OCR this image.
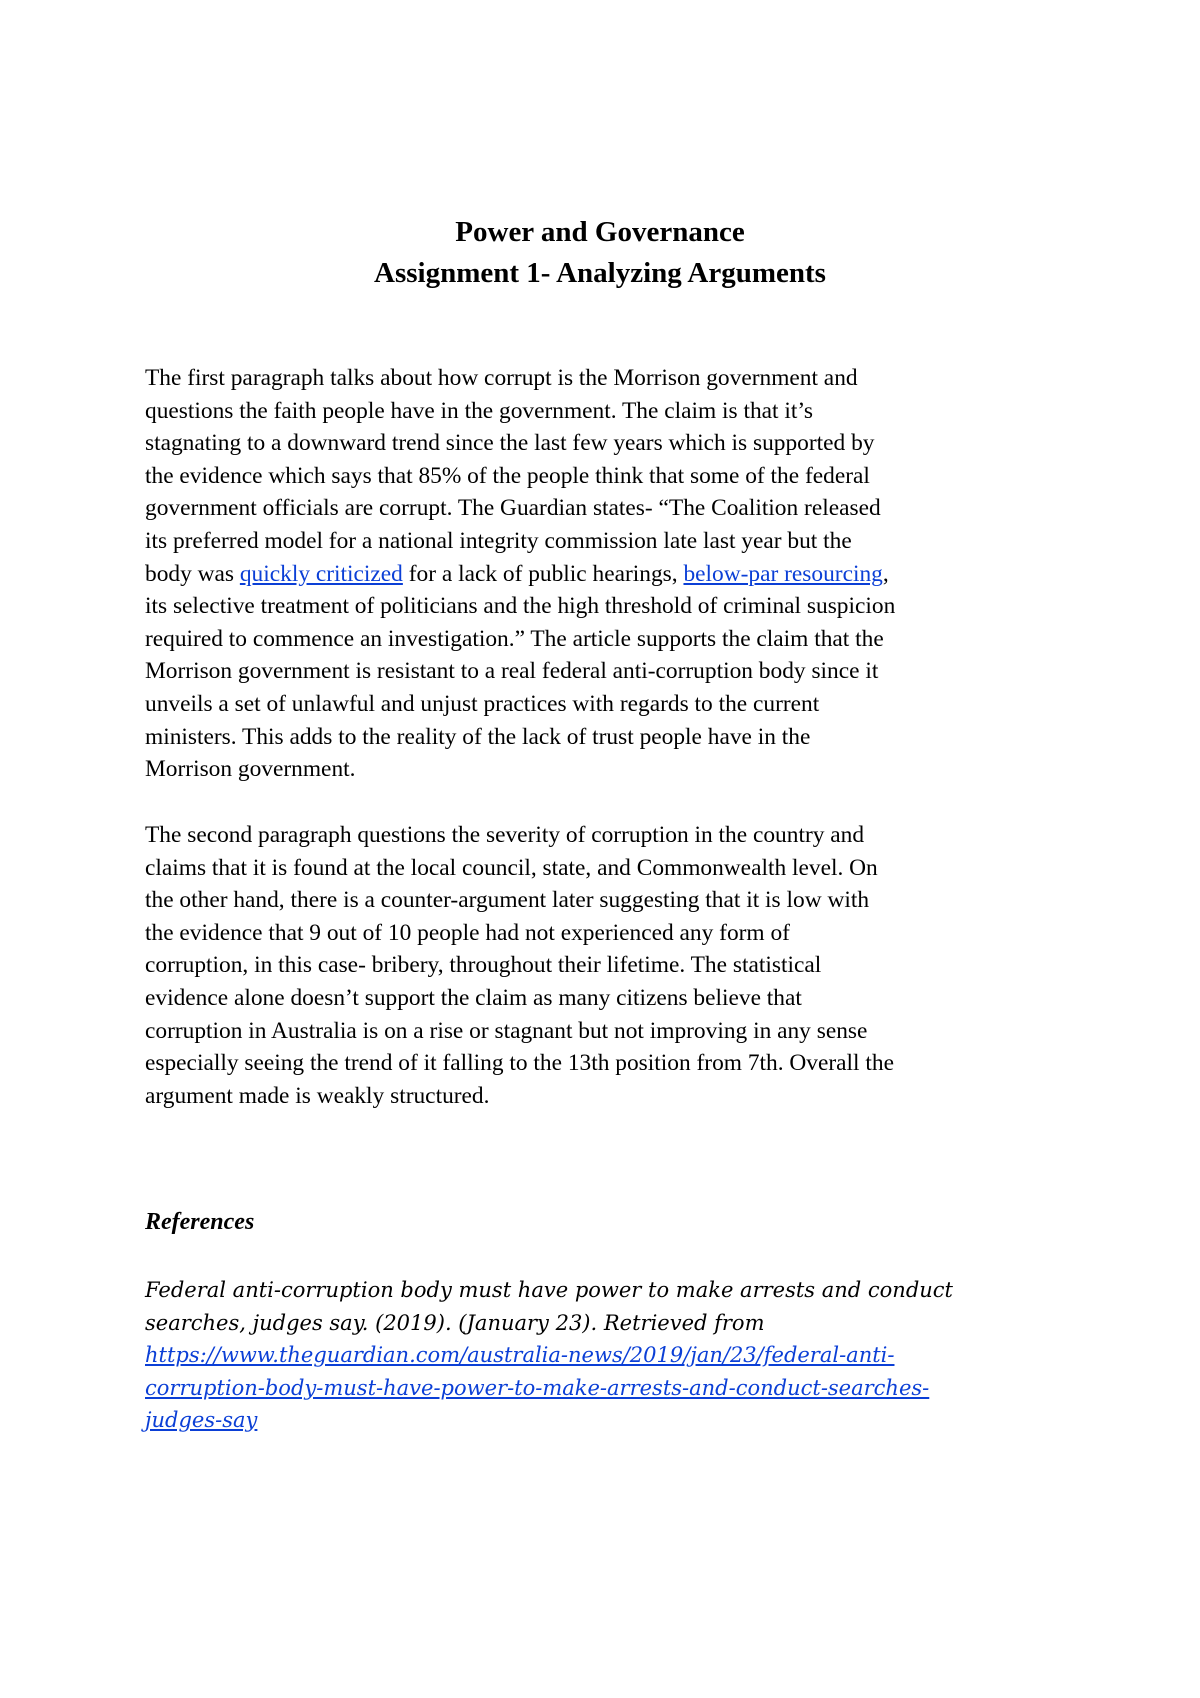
Power and Governance
Assignment 1- Analyzing Arguments
The first paragraph talks about how corrupt is the Morrison government and
questions the faith people have in the government. The claim is that it’s
stagnating to a downward trend since the last few years which is supported by
the evidence which says that 85% of the people think that some of the federal
government officials are corrupt. The Guardian states- “The Coalition released
its preferred model for a national integrity commission late last year but the
body was quickly criticized for a lack of public hearings, below-par resourcing,
its selective treatment of politicians and the high threshold of criminal suspicion
required to commence an investigation.” The article supports the claim that the
Morrison government is resistant to a real federal anti-corruption body since it
unveils a set of unlawful and unjust practices with regards to the current
ministers. This adds to the reality of the lack of trust people have in the
Morrison government.
The second paragraph questions the severity of corruption in the country and
claims that it is found at the local council, state, and Commonwealth level. On
the other hand, there is a counter-argument later suggesting that it is low with
the evidence that 9 out of 10 people had not experienced any form of
corruption, in this case- bribery, throughout their lifetime. The statistical
evidence alone doesn’t support the claim as many citizens believe that
corruption in Australia is on a rise or stagnant but not improving in any sense
especially seeing the trend of it falling to the 13th position from 7th. Overall the
argument made is weakly structured.
References
Federal anti-corruption body must have power to make arrests and conduct
searches, judges say. (2019). (January 23). Retrieved from
https://www.theguardian.com/australia-news/2019/jan/23/federal-anti-
corruption-body-must-have-power-to-make-arrests-and-conduct-searches-
judges-say
